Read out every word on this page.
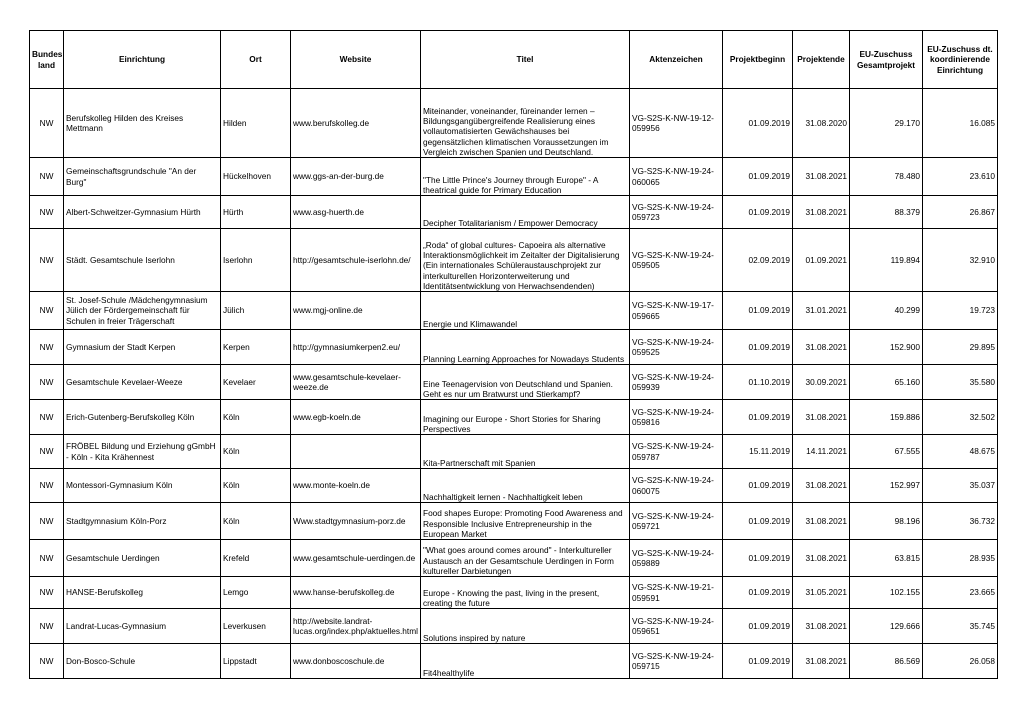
Bundes land	Einrichtung	Ort	Website	Titel	Aktenzeichen	Projektbeginn	Projektende	EU-Zuschuss Gesamtprojekt	EU-Zuschuss dt. koordinierende Einrichtung
NW	Berufskolleg Hilden des Kreises Mettmann	Hilden	www.berufskolleg.de	Miteinander, voneinander, füreinander lernen – Bildungsgangübergreifende Realisierung eines vollautomatisierten Gewächshauses bei gegensätzlichen klimatischen Voraussetzungen im Vergleich zwischen Spanien und Deutschland.	VG-S2S-K-NW-19-12-059956	01.09.2019	31.08.2020	29.170	16.085
NW	Gemeinschaftsgrundschule "An der Burg"	Hückelhoven	www.ggs-an-der-burg.de	"The Little Prince's Journey through Europe" - A theatrical guide for Primary Education	VG-S2S-K-NW-19-24-060065	01.09.2019	31.08.2021	78.480	23.610
NW	Albert-Schweitzer-Gymnasium Hürth	Hürth	www.asg-huerth.de	Decipher Totalitarianism / Empower Democracy	VG-S2S-K-NW-19-24-059723	01.09.2019	31.08.2021	88.379	26.867
NW	Städt. Gesamtschule Iserlohn	Iserlohn	http://gesamtschule-iserlohn.de/	„Roda“ of global cultures- Capoeira als alternative Interaktionsmöglichkeit im Zeitalter der Digitalisierung (Ein internationales Schüleraustauschprojekt zur interkulturellen Horizonterweiterung und Identitätsentwicklung von Herwachsendenden)	VG-S2S-K-NW-19-24-059505	02.09.2019	01.09.2021	119.894	32.910
NW	St. Josef-Schule /Mädchengymnasium Jülich der Fördergemeinschaft für Schulen in freier Trägerschaft	Jülich	www.mgj-online.de	Energie und Klimawandel	VG-S2S-K-NW-19-17-059665	01.09.2019	31.01.2021	40.299	19.723
NW	Gymnasium der Stadt Kerpen	Kerpen	http://gymnasiumkerpen2.eu/	Planning Learning Approaches for Nowadays Students	VG-S2S-K-NW-19-24-059525	01.09.2019	31.08.2021	152.900	29.895
NW	Gesamtschule Kevelaer-Weeze	Kevelaer	www.gesamtschule-kevelaer-weeze.de	Eine Teenagervision von Deutschland und Spanien. Geht es nur um Bratwurst und Stierkampf?	VG-S2S-K-NW-19-24-059939	01.10.2019	30.09.2021	65.160	35.580
NW	Erich-Gutenberg-Berufskolleg Köln	Köln	www.egb-koeln.de	Imagining our Europe - Short Stories for Sharing Perspectives	VG-S2S-K-NW-19-24-059816	01.09.2019	31.08.2021	159.886	32.502
NW	FRÖBEL Bildung und Erziehung gGmbH - Köln - Kita Krähennest	Köln		Kita-Partnerschaft mit Spanien	VG-S2S-K-NW-19-24-059787	15.11.2019	14.11.2021	67.555	48.675
NW	Montessori-Gymnasium Köln	Köln	www.monte-koeln.de	Nachhaltigkeit lernen - Nachhaltigkeit leben	VG-S2S-K-NW-19-24-060075	01.09.2019	31.08.2021	152.997	35.037
NW	Stadtgymnasium Köln-Porz	Köln	Www.stadtgymnasium-porz.de	Food shapes Europe: Promoting Food Awareness and Responsible Inclusive Entrepreneurship in the European Market	VG-S2S-K-NW-19-24-059721	01.09.2019	31.08.2021	98.196	36.732
NW	Gesamtschule Uerdingen	Krefeld	www.gesamtschule-uerdingen.de	"What goes around comes around" - Interkultureller Austausch an der Gesamtschule Uerdingen in Form kultureller Darbietungen	VG-S2S-K-NW-19-24-059889	01.09.2019	31.08.2021	63.815	28.935
NW	HANSE-Berufskolleg	Lemgo	www.hanse-berufskolleg.de	Europe - Knowing the past, living in the present, creating the future	VG-S2S-K-NW-19-21-059591	01.09.2019	31.05.2021	102.155	23.665
NW	Landrat-Lucas-Gymnasium	Leverkusen	http://website.landrat-lucas.org/index.php/aktuelles.html	Solutions inspired by nature	VG-S2S-K-NW-19-24-059651	01.09.2019	31.08.2021	129.666	35.745
NW	Don-Bosco-Schule	Lippstadt	www.donboscoschule.de	Fit4healthylife	VG-S2S-K-NW-19-24-059715	01.09.2019	31.08.2021	86.569	26.058
